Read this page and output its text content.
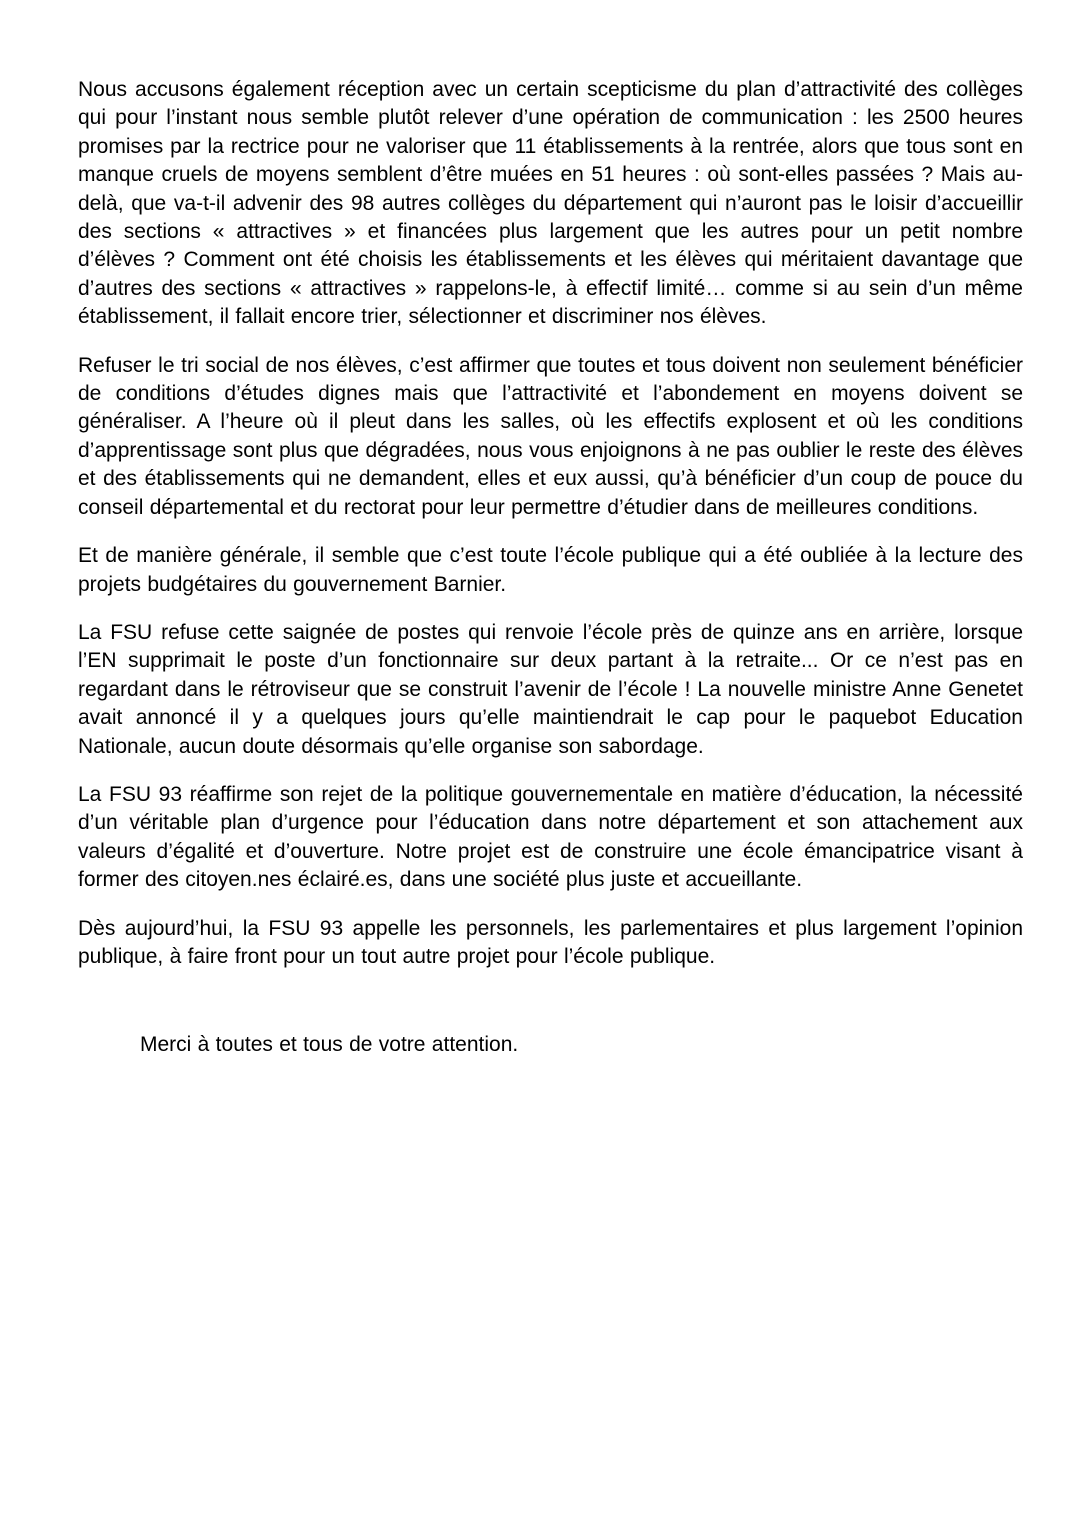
Nous accusons également réception avec un certain scepticisme du plan d’attractivité des collèges qui pour l’instant nous semble plutôt relever d’une opération de communication : les 2500 heures promises par la rectrice pour ne valoriser que 11 établissements à la rentrée, alors que tous sont en manque cruels de moyens semblent d’être muées en 51 heures : où sont-elles passées ? Mais au-delà, que va-t-il advenir des 98 autres collèges du département qui n’auront pas le loisir d’accueillir des sections « attractives » et financées plus largement que les autres pour un petit nombre d’élèves ? Comment ont été choisis les établissements et les élèves qui méritaient davantage que d’autres des sections « attractives » rappelons-le, à effectif limité… comme si au sein d’un même établissement, il fallait encore trier, sélectionner et discriminer nos élèves.

Refuser le tri social de nos élèves, c’est affirmer que toutes et tous doivent non seulement bénéficier de conditions d’études dignes mais que l’attractivité et l’abondement en moyens doivent se généraliser. A l’heure où il pleut dans les salles, où les effectifs explosent et où les conditions d’apprentissage sont plus que dégradées, nous vous enjoignons à ne pas oublier le reste des élèves et des établissements qui ne demandent, elles et eux aussi, qu’à bénéficier d’un coup de pouce du conseil départemental et du rectorat pour leur permettre d’étudier dans de meilleures conditions.

Et de manière générale, il semble que c’est toute l’école publique qui a été oubliée à la lecture des projets budgétaires du gouvernement Barnier.

La FSU refuse cette saignée de postes qui renvoie l’école près de quinze ans en arrière, lorsque l’EN supprimait le poste d’un fonctionnaire sur deux partant à la retraite... Or ce n’est pas en regardant dans le rétroviseur que se construit l’avenir de l’école ! La nouvelle ministre Anne Genetet avait annoncé il y a quelques jours qu’elle maintiendrait le cap pour le paquebot Education Nationale, aucun doute désormais qu’elle organise son sabordage.

La FSU 93 réaffirme son rejet de la politique gouvernementale en matière d’éducation, la nécessité d’un véritable plan d’urgence pour l’éducation dans notre département et son attachement aux valeurs d’égalité et d’ouverture. Notre projet est de construire une école émancipatrice visant à former des citoyen.nes éclairé.es, dans une société plus juste et accueillante.

Dès aujourd’hui, la FSU 93 appelle les personnels, les parlementaires et plus largement l’opinion publique, à faire front pour un tout autre projet pour l’école publique.

Merci à toutes et tous de votre attention.
